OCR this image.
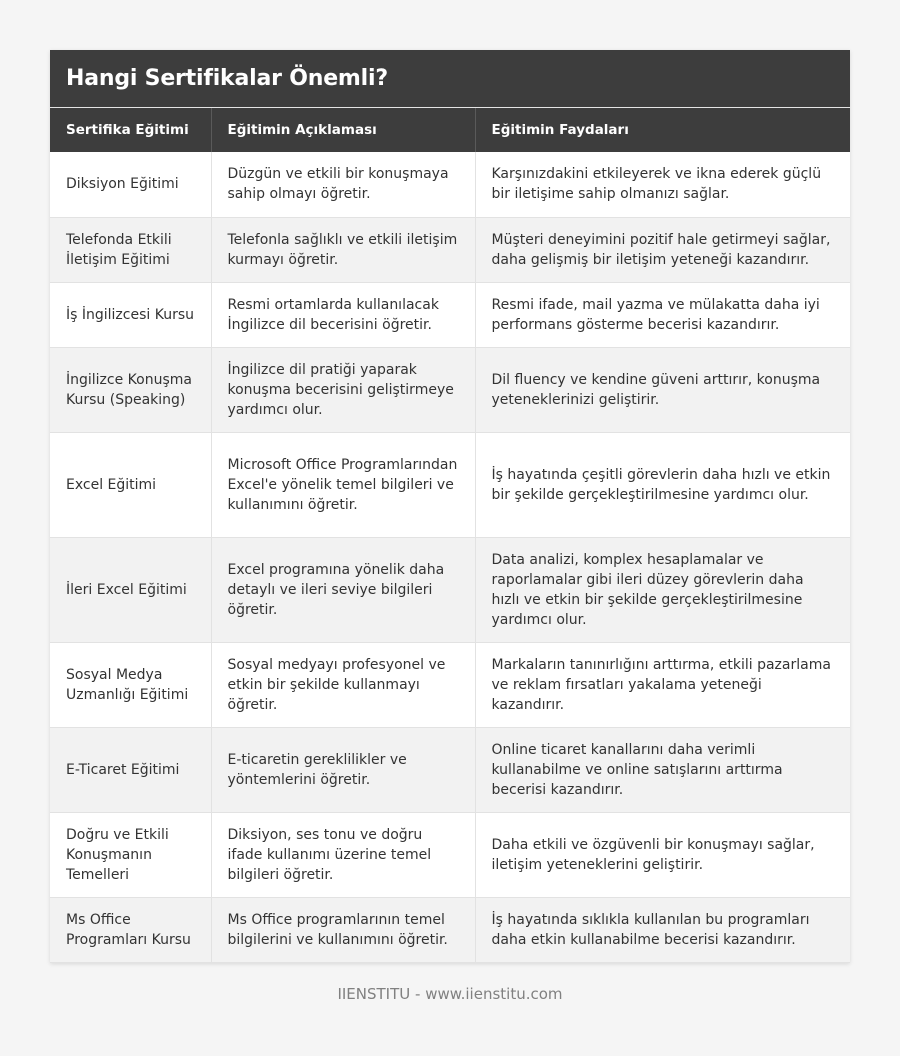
Hangi Sertifikalar Önemli?
Sertifika Eğitimi	Eğitimin Açıklaması	Eğitimin Faydaları
Diksiyon Eğitimi	Düzgün ve etkili bir konuşmaya sahip olmayı öğretir.	Karşınızdakini etkileyerek ve ikna ederek güçlü bir iletişime sahip olmanızı sağlar.
Telefonda Etkili İletişim Eğitimi	Telefonla sağlıklı ve etkili iletişim kurmayı öğretir.	Müşteri deneyimini pozitif hale getirmeyi sağlar, daha gelişmiş bir iletişim yeteneği kazandırır.
İş İngilizcesi Kursu	Resmi ortamlarda kullanılacak İngilizce dil becerisini öğretir.	Resmi ifade, mail yazma ve mülakatta daha iyi performans gösterme becerisi kazandırır.
İngilizce Konuşma Kursu (Speaking)	İngilizce dil pratiği yaparak konuşma becerisini geliştirmeye yardımcı olur.	Dil fluency ve kendine güveni arttırır, konuşma yeteneklerinizi geliştirir.
Excel Eğitimi	Microsoft Office Programlarından Excel'e yönelik temel bilgileri ve kullanımını öğretir.	İş hayatında çeşitli görevlerin daha hızlı ve etkin bir şekilde gerçekleştirilmesine yardımcı olur.
İleri Excel Eğitimi	Excel programına yönelik daha detaylı ve ileri seviye bilgileri öğretir.	Data analizi, komplex hesaplamalar ve raporlamalar gibi ileri düzey görevlerin daha hızlı ve etkin bir şekilde gerçekleştirilmesine yardımcı olur.
Sosyal Medya Uzmanlığı Eğitimi	Sosyal medyayı profesyonel ve etkin bir şekilde kullanmayı öğretir.	Markaların tanınırlığını arttırma, etkili pazarlama ve reklam fırsatları yakalama yeteneği kazandırır.
E-Ticaret Eğitimi	E-ticaretin gereklilikler ve yöntemlerini öğretir.	Online ticaret kanallarını daha verimli kullanabilme ve online satışlarını arttırma becerisi kazandırır.
Doğru ve Etkili Konuşmanın Temelleri	Diksiyon, ses tonu ve doğru ifade kullanımı üzerine temel bilgileri öğretir.	Daha etkili ve özgüvenli bir konuşmayı sağlar, iletişim yeteneklerini geliştirir.
Ms Office Programları Kursu	Ms Office programlarının temel bilgilerini ve kullanımını öğretir.	İş hayatında sıklıkla kullanılan bu programları daha etkin kullanabilme becerisi kazandırır.
IIENSTITU - www.iienstitu.com
